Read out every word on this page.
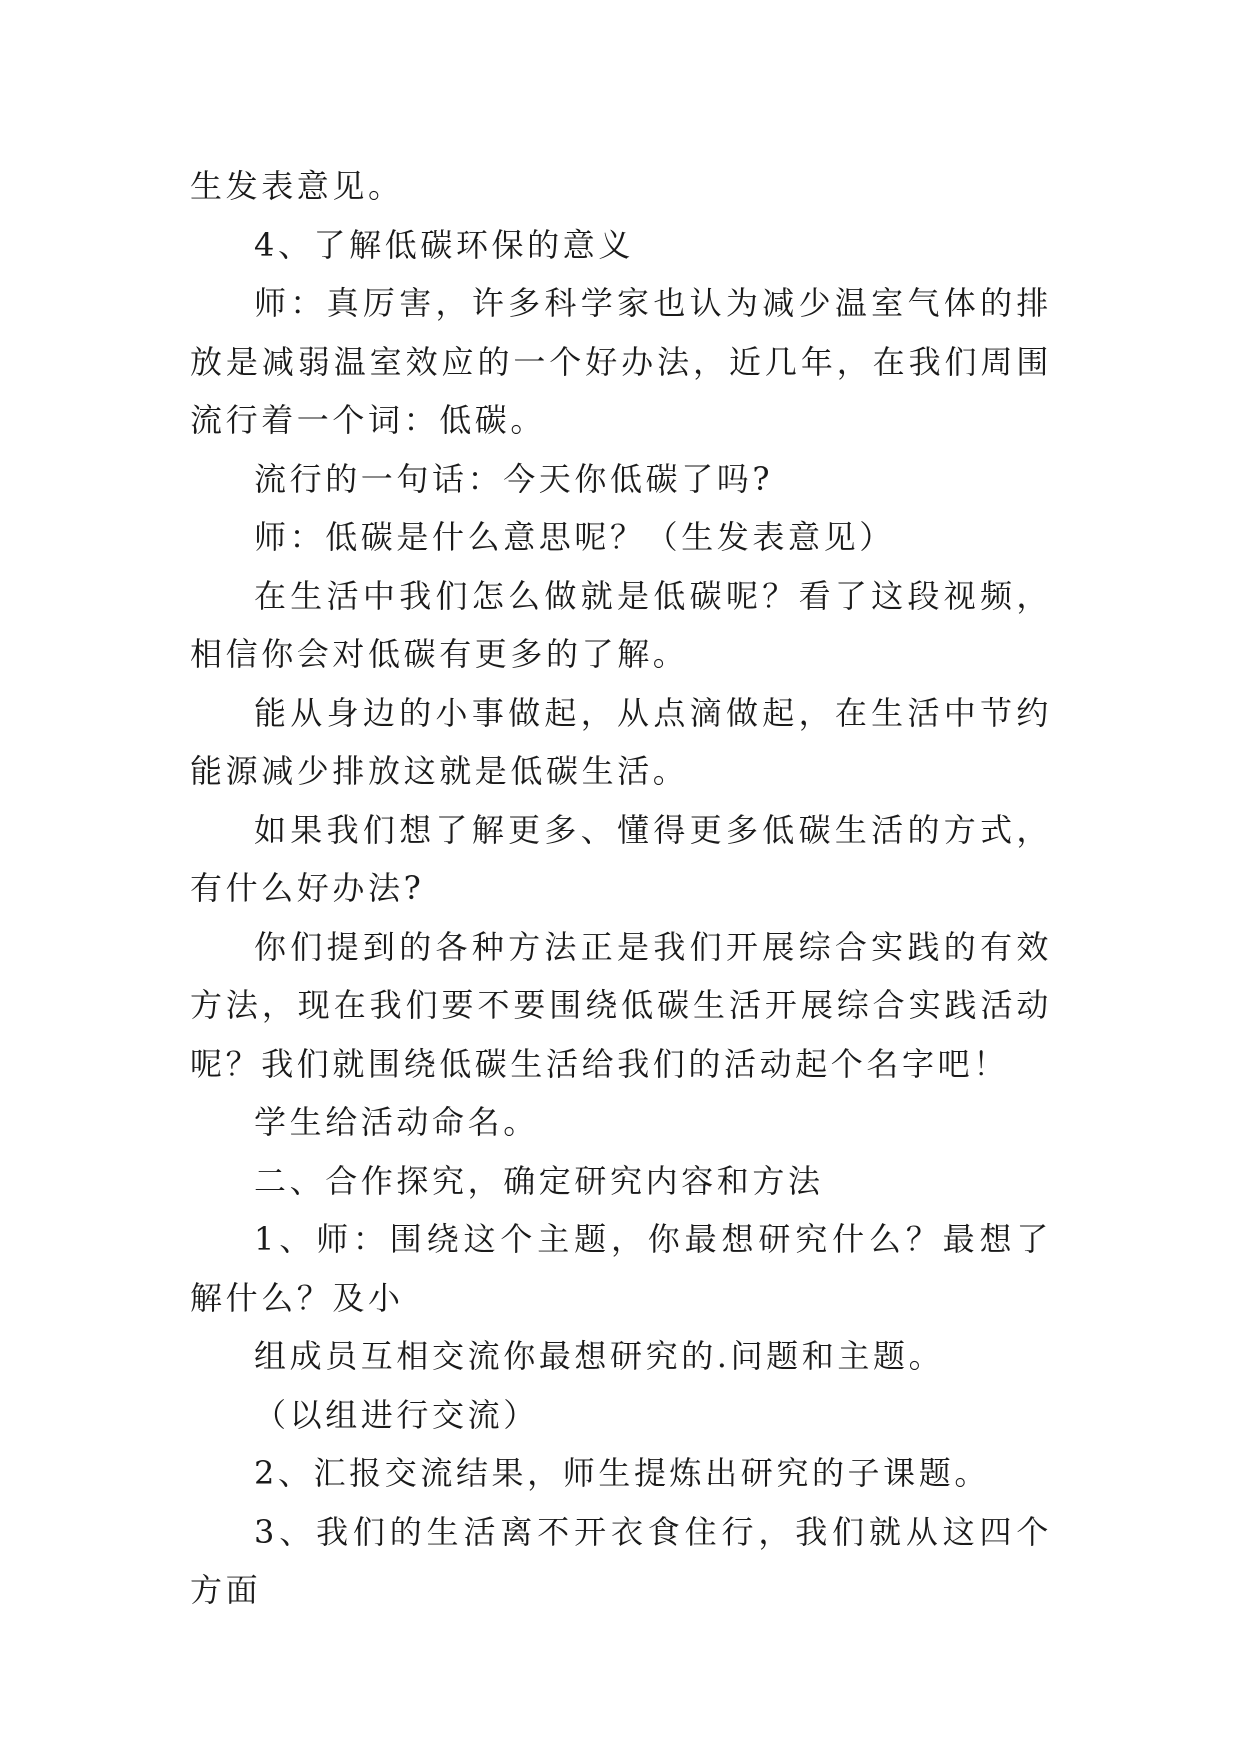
生发表意见。

4、了解低碳环保的意义

师：真厉害，许多科学家也认为减少温室气体的排放是减弱温室效应的一个好办法，近几年，在我们周围流行着一个词：低碳。

流行的一句话：今天你低碳了吗?

师：低碳是什么意思呢？（生发表意见）

在生活中我们怎么做就是低碳呢？看了这段视频，相信你会对低碳有更多的了解。

能从身边的小事做起，从点滴做起，在生活中节约能源减少排放这就是低碳生活。

如果我们想了解更多、懂得更多低碳生活的方式，有什么好办法?

你们提到的各种方法正是我们开展综合实践的有效方法，现在我们要不要围绕低碳生活开展综合实践活动呢？我们就围绕低碳生活给我们的活动起个名字吧！

学生给活动命名。

二、合作探究，确定研究内容和方法

1、师：围绕这个主题，你最想研究什么？最想了解什么？及小

组成员互相交流你最想研究的.问题和主题。

（以组进行交流）

2、汇报交流结果，师生提炼出研究的子课题。

3、我们的生活离不开衣食住行，我们就从这四个方面
